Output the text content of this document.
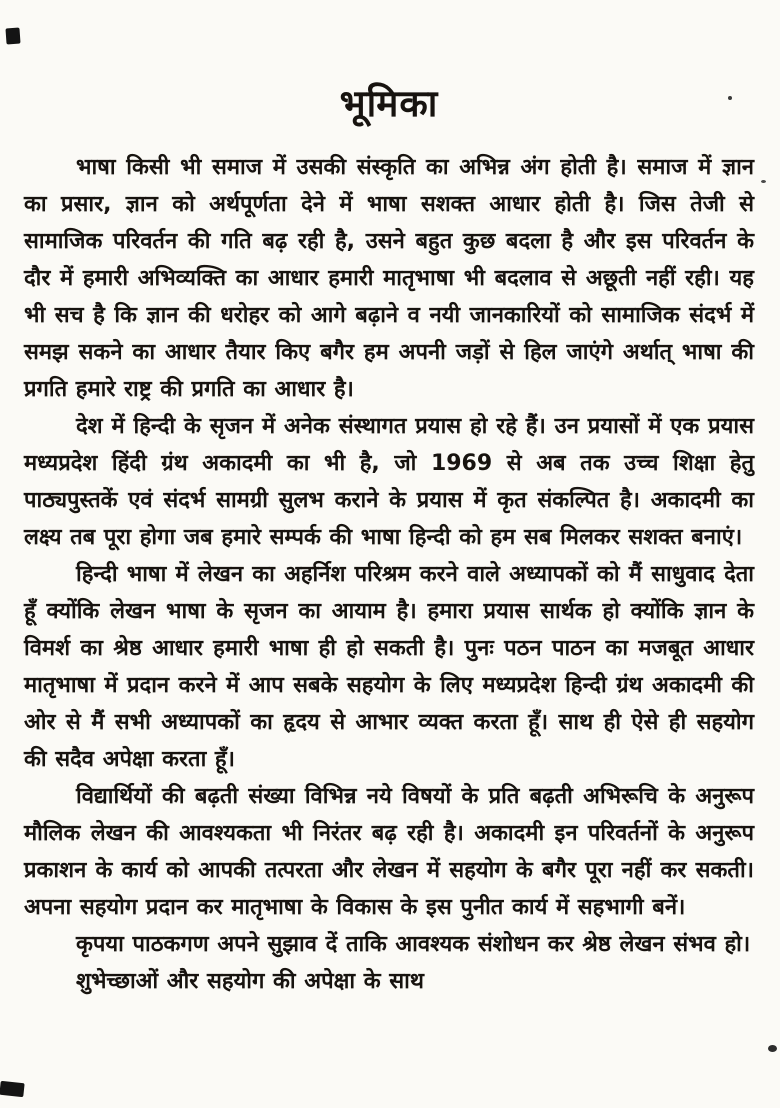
भूमिका

भाषा किसी भी समाज में उसकी संस्कृति का अभिन्न अंग होती है। समाज में ज्ञान का प्रसार, ज्ञान को अर्थपूर्णता देने में भाषा सशक्त आधार होती है। जिस तेजी से सामाजिक परिवर्तन की गति बढ़ रही है, उसने बहुत कुछ बदला है और इस परिवर्तन के दौर में हमारी अभिव्यक्ति का आधार हमारी मातृभाषा भी बदलाव से अछूती नहीं रही। यह भी सच है कि ज्ञान की धरोहर को आगे बढ़ाने व नयी जानकारियों को सामाजिक संदर्भ में समझ सकने का आधार तैयार किए बगैर हम अपनी जड़ों से हिल जाएंगे अर्थात् भाषा की प्रगति हमारे राष्ट्र की प्रगति का आधार है।

देश में हिन्दी के सृजन में अनेक संस्थागत प्रयास हो रहे हैं। उन प्रयासों में एक प्रयास मध्यप्रदेश हिंदी ग्रंथ अकादमी का भी है, जो 1969 से अब तक उच्च शिक्षा हेतु पाठ्यपुस्तकें एवं संदर्भ सामग्री सुलभ कराने के प्रयास में कृत संकल्पित है। अकादमी का लक्ष्य तब पूरा होगा जब हमारे सम्पर्क की भाषा हिन्दी को हम सब मिलकर सशक्त बनाएं।

हिन्दी भाषा में लेखन का अहर्निश परिश्रम करने वाले अध्यापकों को मैं साधुवाद देता हूँ क्योंकि लेखन भाषा के सृजन का आयाम है। हमारा प्रयास सार्थक हो क्योंकि ज्ञान के विमर्श का श्रेष्ठ आधार हमारी भाषा ही हो सकती है। पुनः पठन पाठन का मजबूत आधार मातृभाषा में प्रदान करने में आप सबके सहयोग के लिए मध्यप्रदेश हिन्दी ग्रंथ अकादमी की ओर से मैं सभी अध्यापकों का हृदय से आभार व्यक्त करता हूँ। साथ ही ऐसे ही सहयोग की सदैव अपेक्षा करता हूँ।

विद्यार्थियों की बढ़ती संख्या विभिन्न नये विषयों के प्रति बढ़ती अभिरूचि के अनुरूप मौलिक लेखन की आवश्यकता भी निरंतर बढ़ रही है। अकादमी इन परिवर्तनों के अनुरूप प्रकाशन के कार्य को आपकी तत्परता और लेखन में सहयोग के बगैर पूरा नहीं कर सकती। अपना सहयोग प्रदान कर मातृभाषा के विकास के इस पुनीत कार्य में सहभागी बनें।

कृपया पाठकगण अपने सुझाव दें ताकि आवश्यक संशोधन कर श्रेष्ठ लेखन संभव हो।

शुभेच्छाओं और सहयोग की अपेक्षा के साथ
